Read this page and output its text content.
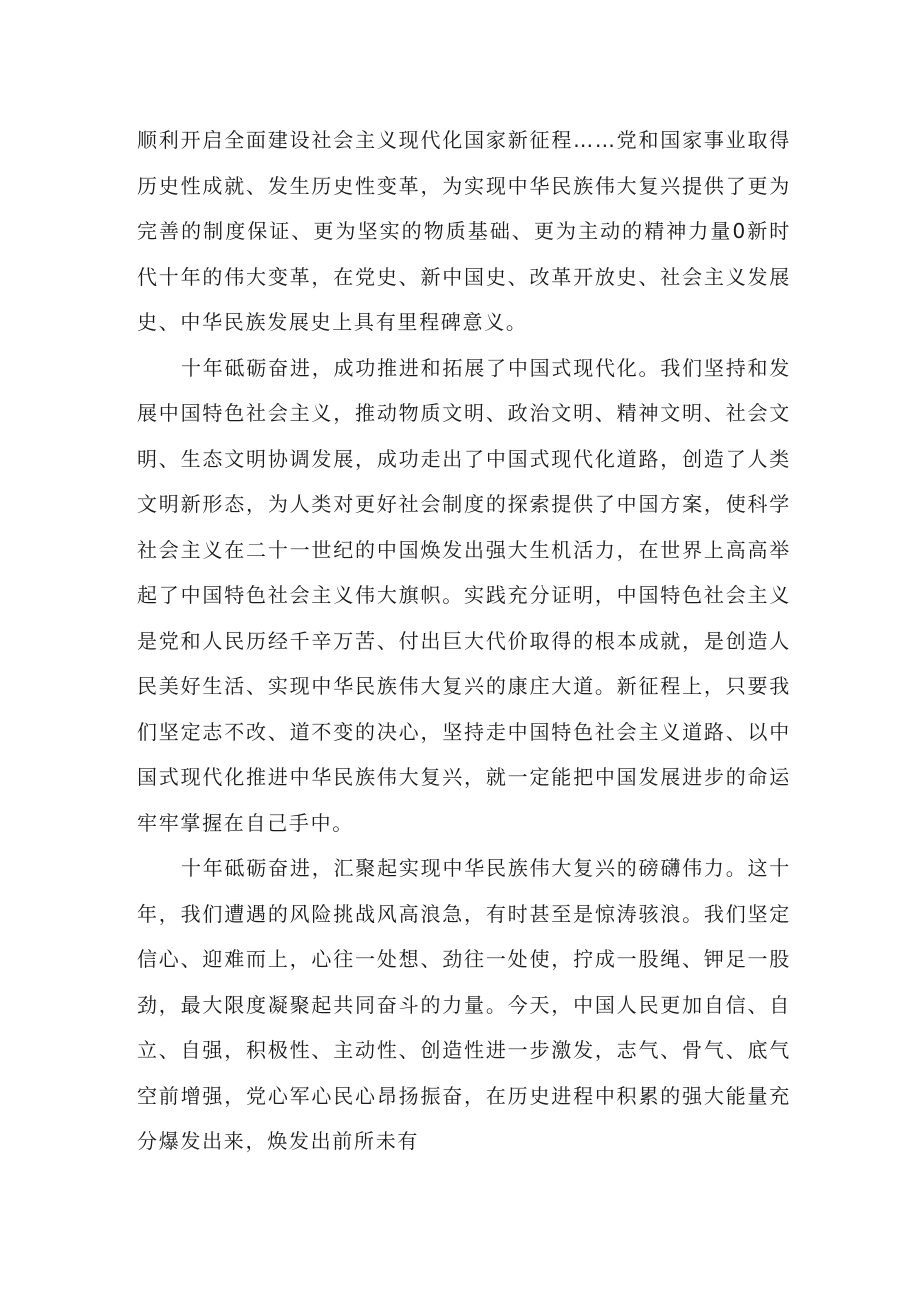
顺利开启全面建设社会主义现代化国家新征程……党和国家事业取得历史性成就、发生历史性变革，为实现中华民族伟大复兴提供了更为完善的制度保证、更为坚实的物质基础、更为主动的精神力量0新时代十年的伟大变革，在党史、新中国史、改革开放史、社会主义发展史、中华民族发展史上具有里程碑意义。

十年砥砺奋进，成功推进和拓展了中国式现代化。我们坚持和发展中国特色社会主义，推动物质文明、政治文明、精神文明、社会文明、生态文明协调发展，成功走出了中国式现代化道路，创造了人类文明新形态，为人类对更好社会制度的探索提供了中国方案，使科学社会主义在二十一世纪的中国焕发出强大生机活力，在世界上高高举起了中国特色社会主义伟大旗帜。实践充分证明，中国特色社会主义是党和人民历经千辛万苦、付出巨大代价取得的根本成就，是创造人民美好生活、实现中华民族伟大复兴的康庄大道。新征程上，只要我们坚定志不改、道不变的决心，坚持走中国特色社会主义道路、以中国式现代化推进中华民族伟大复兴，就一定能把中国发展进步的命运牢牢掌握在自己手中。

十年砥砺奋进，汇聚起实现中华民族伟大复兴的磅礴伟力。这十年，我们遭遇的风险挑战风高浪急，有时甚至是惊涛骇浪。我们坚定信心、迎难而上，心往一处想、劲往一处使，拧成一股绳、钾足一股劲，最大限度凝聚起共同奋斗的力量。今天，中国人民更加自信、自立、自强，积极性、主动性、创造性进一步激发，志气、骨气、底气空前增强，党心军心民心昂扬振奋，在历史进程中积累的强大能量充分爆发出来，焕发出前所未有
